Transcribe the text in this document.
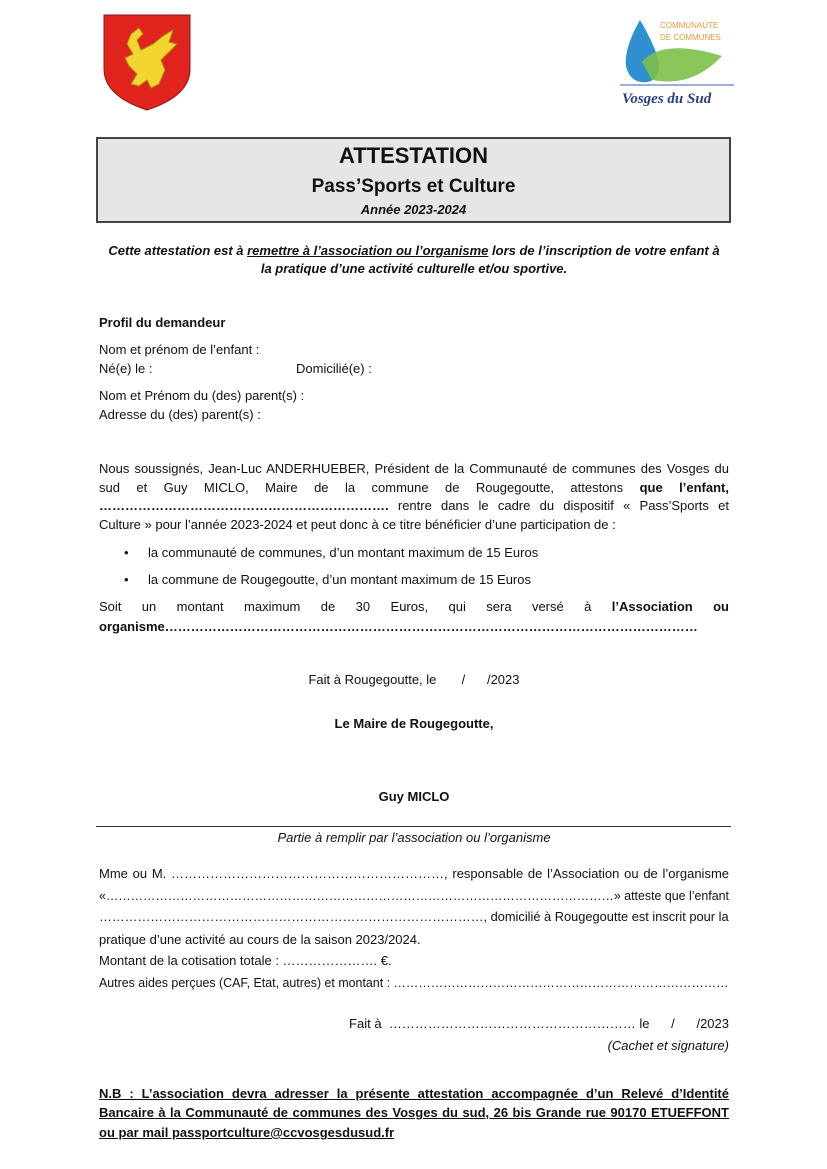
COMMUNAUTE
DE COMMUNES
Vosges du Sud
ATTESTATION
Pass’Sports et Culture
Année 2023-2024
Cette attestation est à remettre à l’association ou l’organisme lors de l’inscription de votre enfant à
la pratique d’une activité culturelle et/ou sportive.
Profil du demandeur
Nom et prénom de l’enfant :
Né(e) le :	Domicilié(e) :
Nom et Prénom du (des) parent(s) :
Adresse du (des) parent(s) :
Nous soussignés, Jean-Luc ANDERHUEBER, Président de la Communauté de communes des Vosges du
sud et Guy MICLO, Maire de la commune de Rougegoutte, attestons que l’enfant,
…………………………………………………………. rentre dans le cadre du dispositif « Pass’Sports et
Culture » pour l’année 2023-2024 et peut donc à ce titre bénéficier d’une participation de :
• la communauté de communes, d’un montant maximum de 15 Euros
• la commune de Rougegoutte, d’un montant maximum de 15 Euros
Soit un montant maximum de 30 Euros, qui sera versé à l’Association ou
organisme……………………………………………………………………………………………………………
Fait à Rougegoutte, le       /      /2023
Le Maire de Rougegoutte,
Guy MICLO
Partie à remplir par l’association ou l’organisme
Mme ou M. ………………………………………………………, responsable de l’Association ou de l’organisme
«……………………………………………………………………………………………………………» atteste que l’enfant
………………………………………………………………………………, domicilié à Rougegoutte est inscrit pour la
pratique d’une activité au cours de la saison 2023/2024.
Montant de la cotisation totale : …………………. €.
Autres aides perçues (CAF, Etat, autres) et montant : ………………………………………………………………………
Fait à  ………………………………………………… le      /      /2023
(Cachet et signature)
N.B : L’association devra adresser la présente attestation accompagnée d’un Relevé d’Identité
Bancaire à la Communauté de communes des Vosges du sud, 26 bis Grande rue 90170 ETUEFFONT
ou par mail passportculture@ccvosgesdusud.fr
